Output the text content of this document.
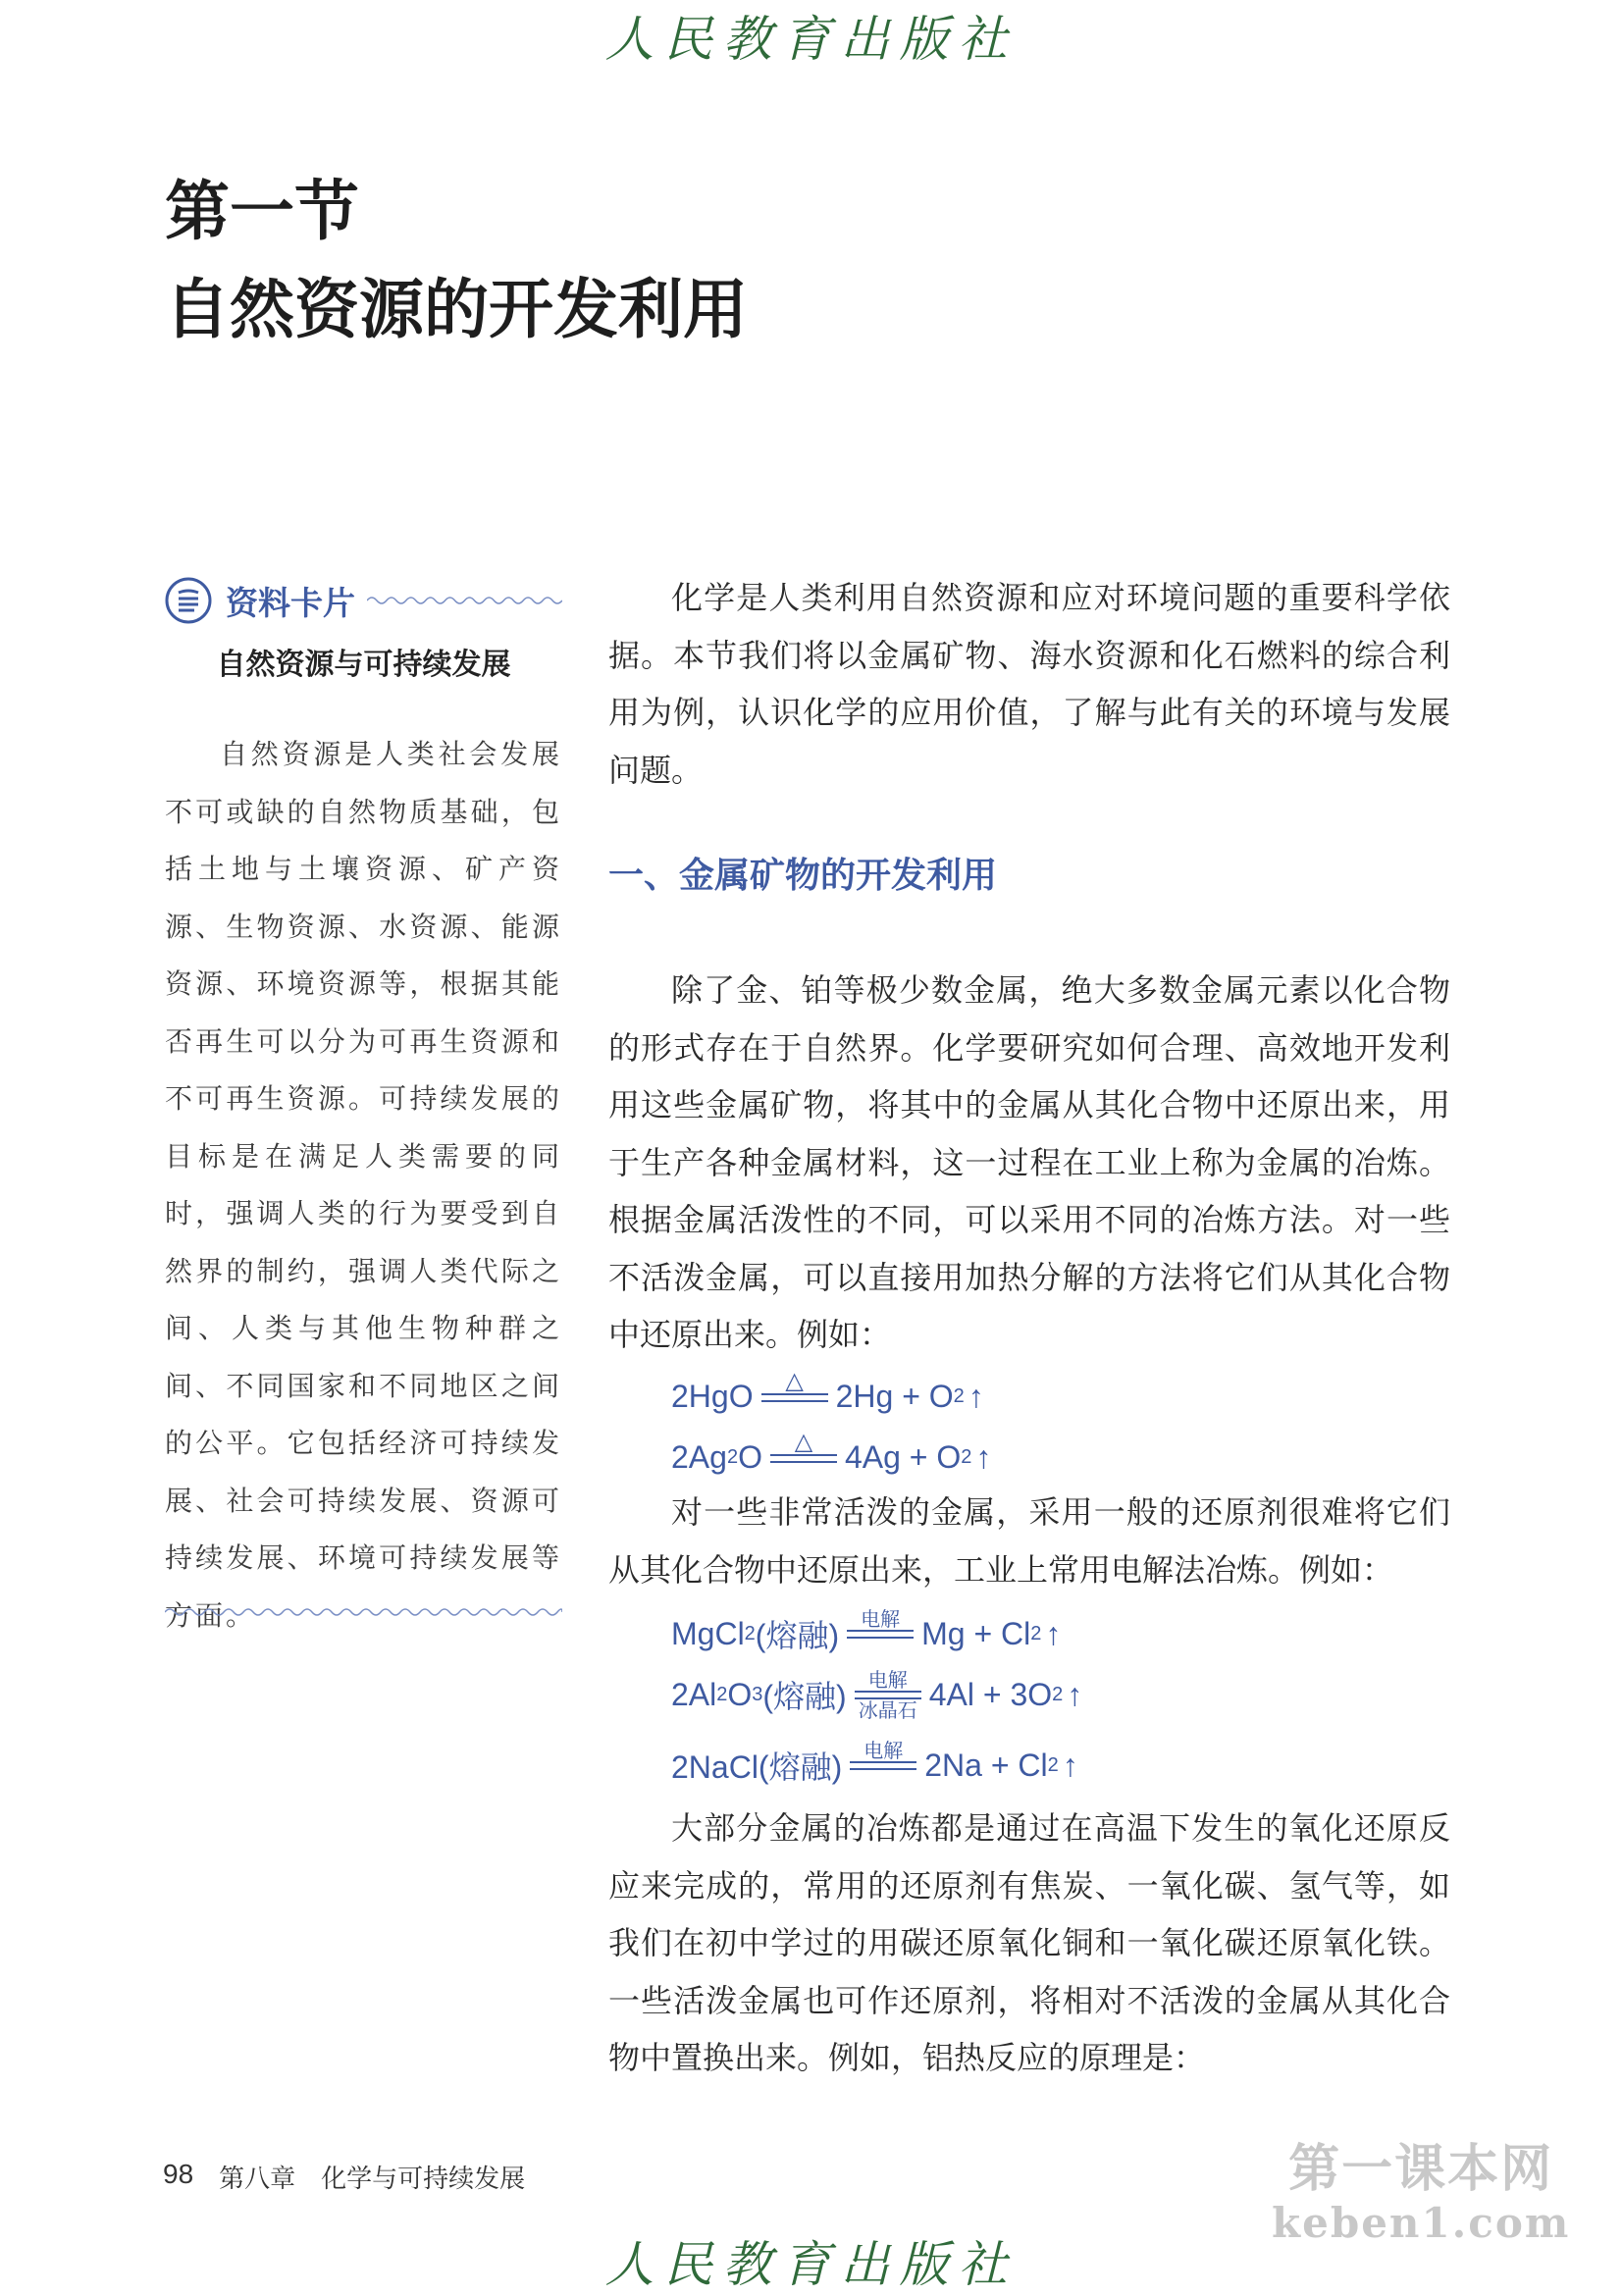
人民教育出版社
第一节
自然资源的开发利用
资料卡片
自然资源与可持续发展
自然资源是人类社会发展不可或缺的自然物质基础，包括土地与土壤资源、矿产资源、生物资源、水资源、能源资源、环境资源等，根据其能否再生可以分为可再生资源和不可再生资源。可持续发展的目标是在满足人类需要的同时，强调人类的行为要受到自然界的制约，强调人类代际之间、人类与其他生物种群之间、不同国家和不同地区之间的公平。它包括经济可持续发展、社会可持续发展、资源可持续发展、环境可持续发展等方面。

化学是人类利用自然资源和应对环境问题的重要科学依据。本节我们将以金属矿物、海水资源和化石燃料的综合利用为例，认识化学的应用价值，了解与此有关的环境与发展问题。

一、金属矿物的开发利用

除了金、铂等极少数金属，绝大多数金属元素以化合物的形式存在于自然界。化学要研究如何合理、高效地开发利用这些金属矿物，将其中的金属从其化合物中还原出来，用于生产各种金属材料，这一过程在工业上称为金属的冶炼。根据金属活泼性的不同，可以采用不同的冶炼方法。对一些不活泼金属，可以直接用加热分解的方法将它们从其化合物中还原出来。例如：

2HgO △ 2Hg + O 2 ↑
2Ag 2 O △ 4Ag + O 2 ↑

对一些非常活泼的金属，采用一般的还原剂很难将它们从其化合物中还原出来，工业上常用电解法冶炼。例如：

MgCl 2 (熔融) 电解 Mg + Cl 2 ↑
2Al 2 O 3 (熔融) 电解
冰晶石 4Al + 3O 2 ↑
2NaCl(熔融) 电解 2Na + Cl 2 ↑

大部分金属的冶炼都是通过在高温下发生的氧化还原反应来完成的，常用的还原剂有焦炭、一氧化碳、氢气等，如我们在初中学过的用碳还原氧化铜和一氧化碳还原氧化铁。一些活泼金属也可作还原剂，将相对不活泼的金属从其化合物中置换出来。例如，铝热反应的原理是：

98 第八章 化学与可持续发展	第一课本网
keben1.com
人民教育出版社
